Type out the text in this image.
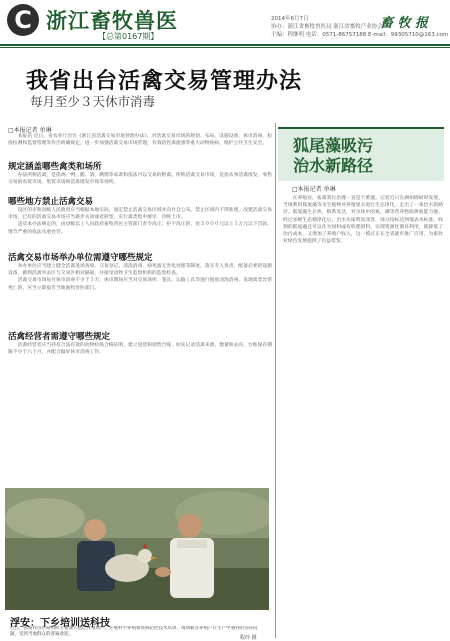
C 浙江畜牧兽医
【总第0167期】
畜 牧 报
2014年6月7日
协办：浙江省畜牧兽医局 浙江省畜牧产业协会
主编：程继明 电话：0571-86757188 E-mail：99305710@163.com
我省出台活禽交易管理办法
每月至少３天休市消毒
□本报记者 单琳

本报讯 近日，省农业厅出台《浙江省活禽交易市场管理办法》，对活禽交易市场的规划、布局、设施设备、休市消毒、检疫检测和监督管理等作出明确规定，进一步加强活禽交易市场管理，有效防控禽流感等重大动物疫病，维护公共卫生安全。

规定涵盖哪些禽类和场所

办法所称活禽，是指鸡、鸭、鹅、鸽、鹌鹑等家禽和依法可以交易的野禽。所称活禽交易市场，是指从事活禽批发、零售交易的农贸市场、集贸市场和活禽批发市场等场所。

哪些地方禁止活禽交易

设区的市和县级人民政府应当根据本地实际，划定禁止活禽交易区域并向社会公布。禁止区域内不得新建、改建活禽交易市场，已有的活禽交易市场应当逐步关闭或者转型，实行禽类集中屠宰、冷鲜上市。

违反本办法规定的，由县级以上人民政府畜牧兽医主管部门责令改正；拒不改正的，处５０００元以上３万元以下罚款，情节严重的依法从重处罚。

活禽交易市场举办单位需遵守哪些规定

举办单位应当建立健全活禽进场查验、交易登记、清洗消毒、病死禽无害化处理等制度，落实专人负责，配备必要的设施设备，做到活禽宰杀区与交易区相对隔离，并接受动物卫生监督机构的监督检查。

活禽交易市场每月休市消毒不少于３天，休市期间应当对交易场所、笼具、运输工具等进行彻底清洗消毒，发现禽类异常死亡的，应当立即报告当地畜牧兽医部门。

活禽经营者需遵守哪些规定

活禽经营者应当持有合法有效的动物检疫合格证明，建立进货和销售台账，如实记录活禽来源、数量和去向，台账保存期限不少于六个月，并配合做好休市消毒工作。

浮安：下乡培训送科技
近日，省畜牧兽医局组织专家深入基层养殖场户，开展科学养殖和疫病防控技术培训，现场解答养殖户在生产中遇到的实际问题，受到当地群众的普遍欢迎。
程玲 摄
狐尾藻吸污
治水新路径
□本报记者 单琳

在养殖业，畜禽粪污治理一直是个难题。记者近日在湖州调研时发现，当地利用狐尾藻等水生植物对养殖尾水进行生态净化，走出了一条治水新路径。狐尾藻生长快、根系发达，对水体中的氮、磷等营养物质吸收能力强，经过多级生态塘净化后，出水水质明显改善，部分指标达到地表水标准。收割的狐尾藻还可以作为饲料或有机肥原料，实现资源化循环利用，既降低了治污成本，又增加了养殖户收入，这一模式正在全省逐步推广应用，为畜牧业绿色发展提供了有益借鉴。
